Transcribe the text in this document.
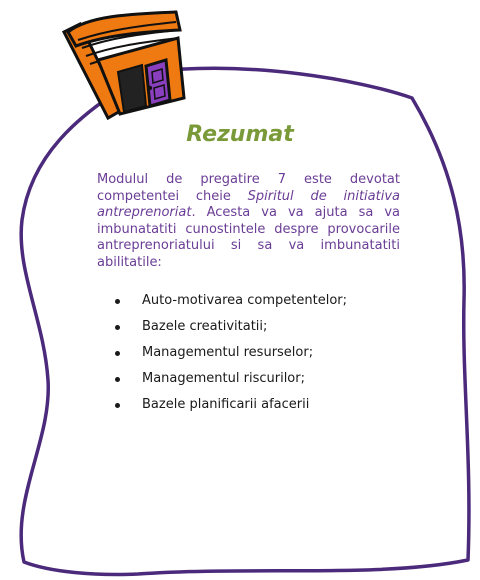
Rezumat

Modulul de pregatire 7 este devotat competentei cheie Spiritul de initiativa antreprenoriat. Acesta va va ajuta sa va imbunatatiti cunostintele despre provocarile antreprenoriatului si sa va imbunatatiti abilitatile:

Auto-motivarea competentelor;
Bazele creativitatii;
Managementul resurselor;
Managementul riscurilor;
Bazele planificarii afacerii
